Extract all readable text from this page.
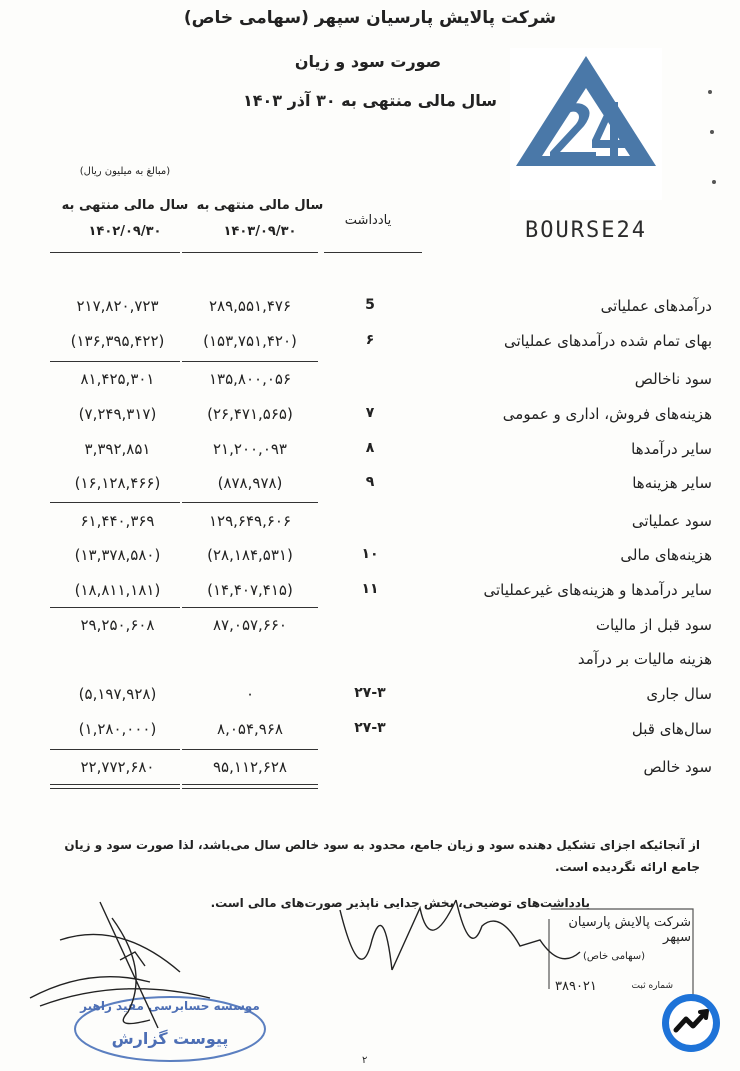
شرکت پالایش پارسیان سپهر (سهامی خاص)
صورت سود و زیان
سال مالی منتهی به ۳۰ آذر ۱۴۰۳
BOURSE24
(مبالغ به میلیون ریال)
سال مالی منتهی به
۱۴۰۲/۰۹/۳۰
سال مالی منتهی به
۱۴۰۳/۰۹/۳۰
یادداشت
درآمدهای عملیاتی
5
۲۸۹,۵۵۱,۴۷۶
۲۱۷,۸۲۰,۷۲۳
بهای تمام شده درآمدهای عملیاتی
۶
(۱۵۳,۷۵۱,۴۲۰)
(۱۳۶,۳۹۵,۴۲۲)
سود ناخالص
۱۳۵,۸۰۰,۰۵۶
۸۱,۴۲۵,۳۰۱
هزینه‌های فروش، اداری و عمومی
۷
(۲۶,۴۷۱,۵۶۵)
(۷,۲۴۹,۳۱۷)
سایر درآمدها
۸
۲۱,۲۰۰,۰۹۳
۳,۳۹۲,۸۵۱
سایر هزینه‌ها
۹
(۸۷۸,۹۷۸)
(۱۶,۱۲۸,۴۶۶)
سود عملیاتی
۱۲۹,۶۴۹,۶۰۶
۶۱,۴۴۰,۳۶۹
هزینه‌های مالی
۱۰
(۲۸,۱۸۴,۵۳۱)
(۱۳,۳۷۸,۵۸۰)
سایر درآمدها و هزینه‌های غیرعملیاتی
۱۱
(۱۴,۴۰۷,۴۱۵)
(۱۸,۸۱۱,۱۸۱)
سود قبل از مالیات
۸۷,۰۵۷,۶۶۰
۲۹,۲۵۰,۶۰۸
هزینه مالیات بر درآمد
سال جاری
۲۷-۳
۰
(۵,۱۹۷,۹۲۸)
سال‌های قبل
۲۷-۳
۸,۰۵۴,۹۶۸
(۱,۲۸۰,۰۰۰)
سود خالص
۹۵,۱۱۲,۶۲۸
۲۲,۷۷۲,۶۸۰
از آنجائیکه اجزای تشکیل دهنده سود و زیان جامع، محدود به سود خالص سال می‌باشد، لذا صورت سود و زیان جامع ارائه نگردیده است.
یادداشت‌های توضیحی، بخش جدایی ناپذیر صورت‌های مالی است.
شرکت پالایش پارسیان سپهر
(سهامی خاص)
شماره ثبت
۳۸۹۰۲۱
موسسه حسابرسی مفید راهبر
پیوست گزارش
۲
